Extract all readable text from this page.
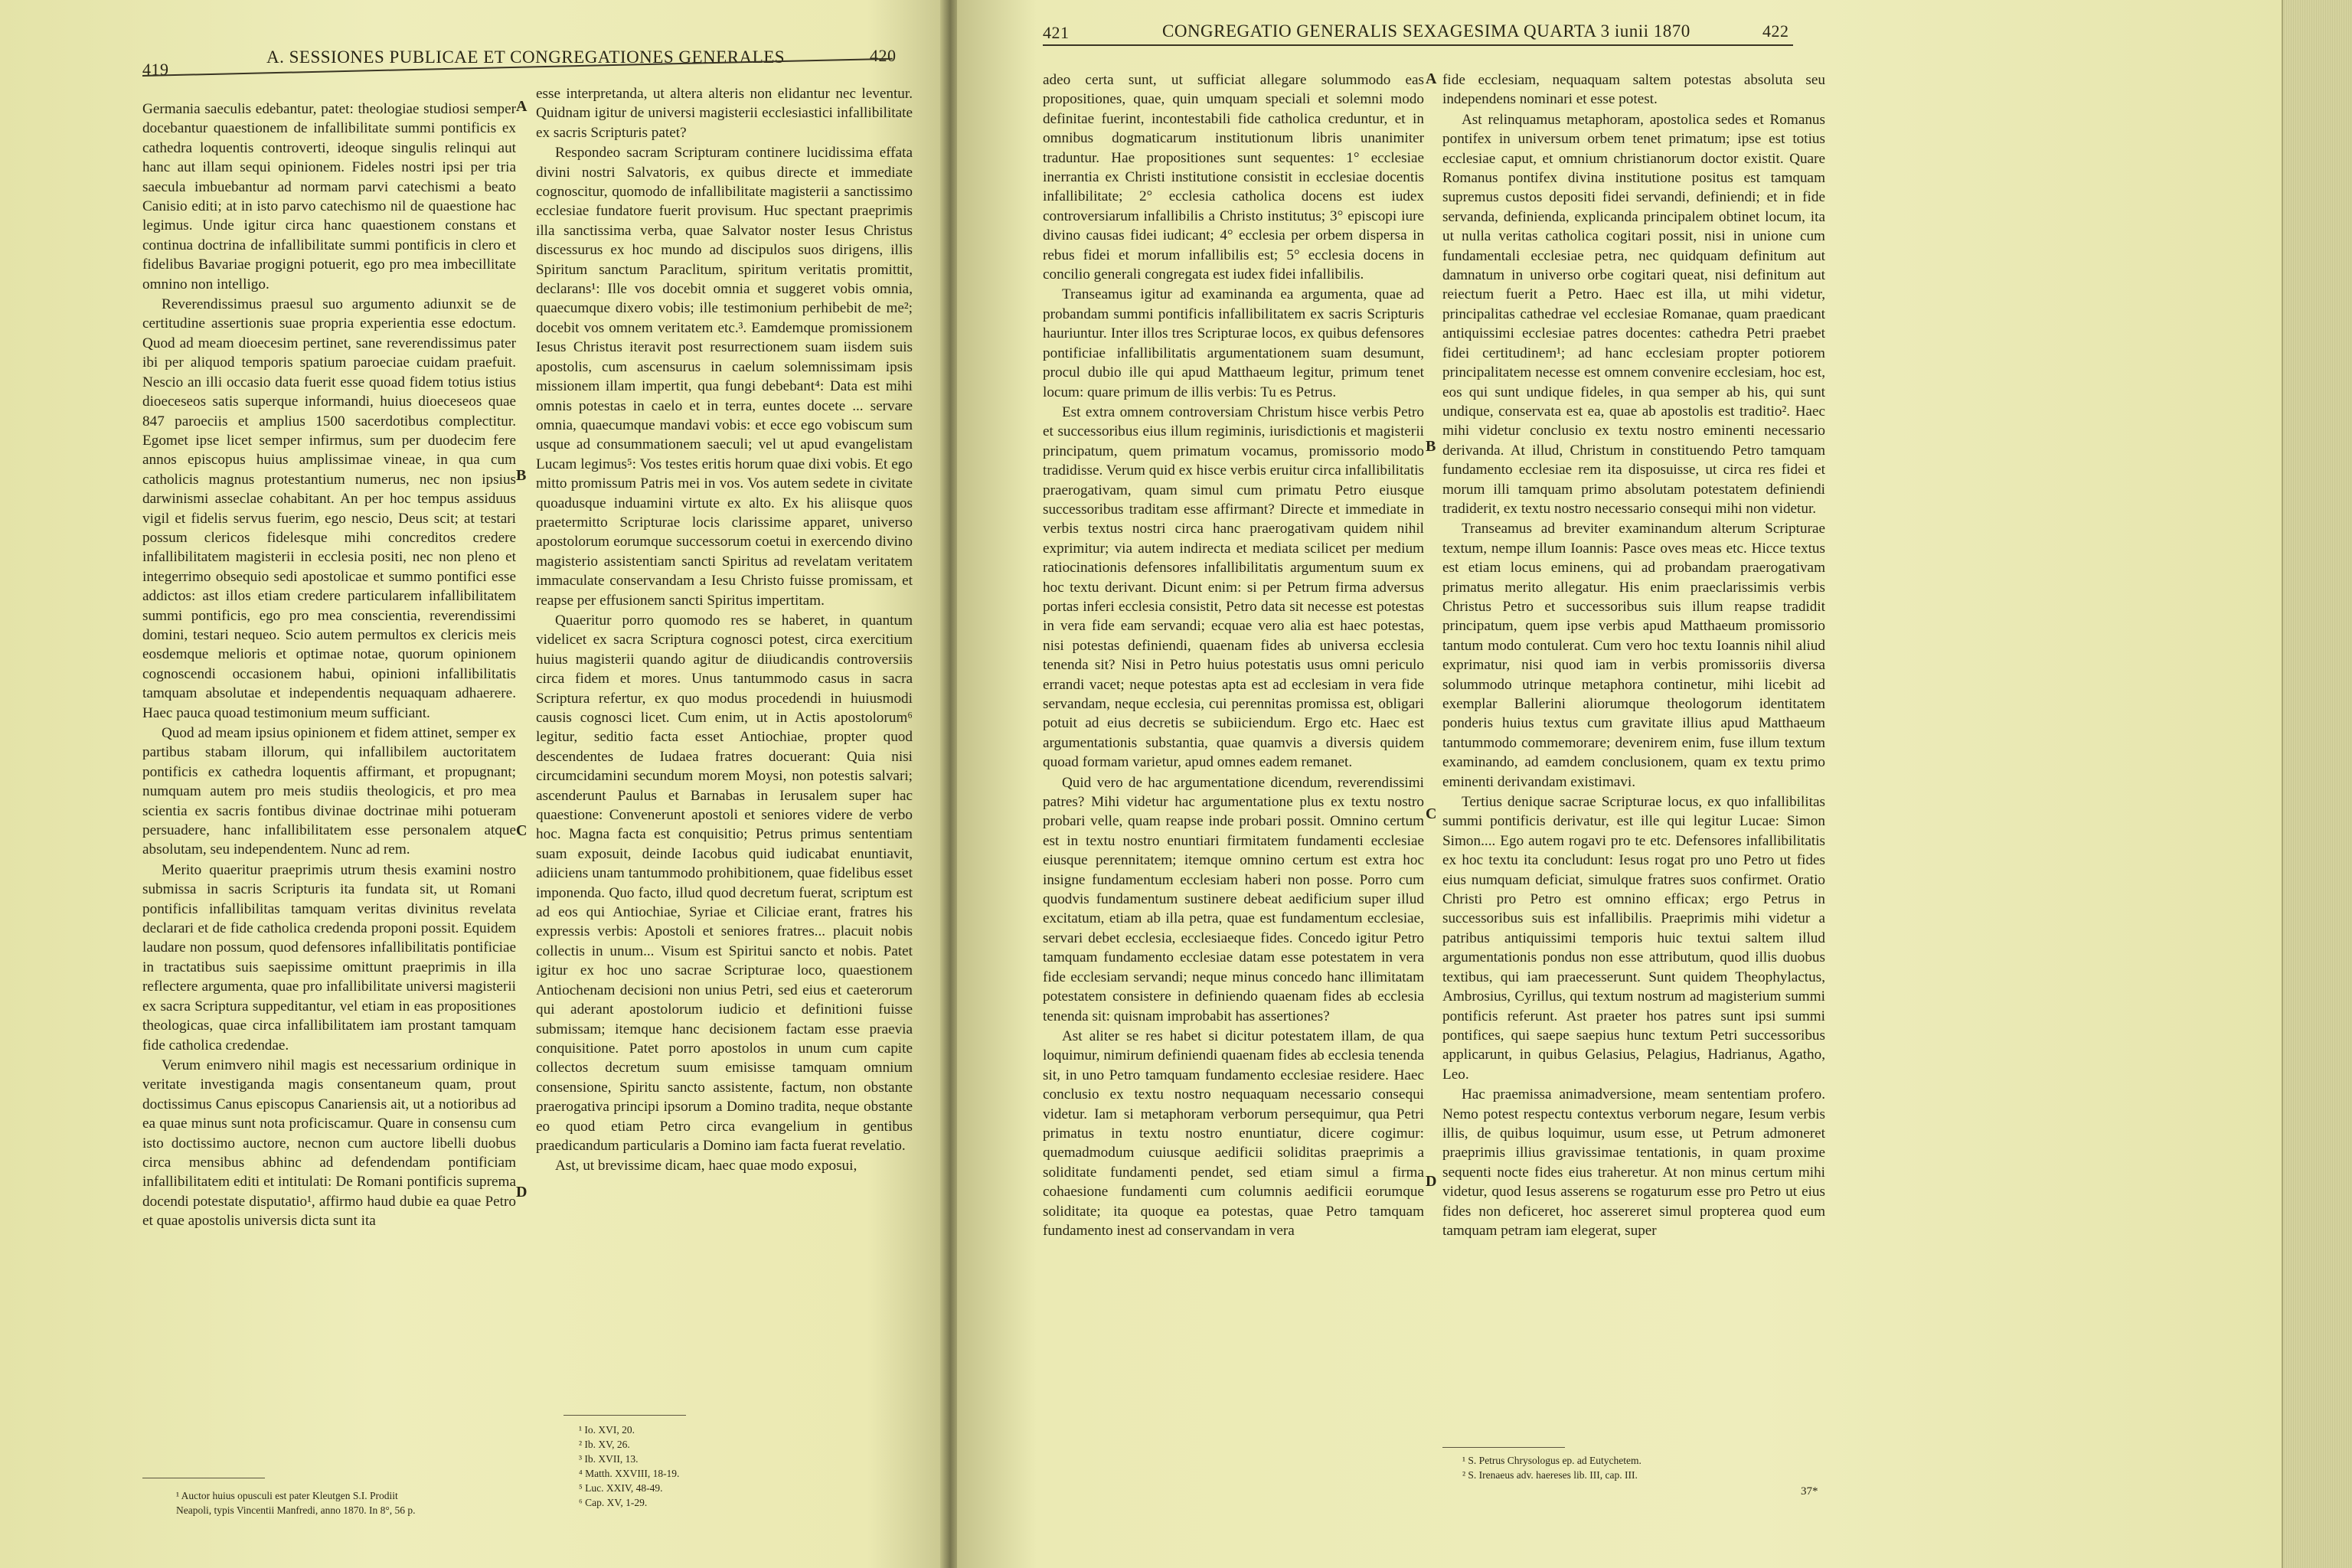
419
A. SESSIONES PUBLICAE ET CONGREGATIONES GENERALES	420

Germania saeculis edebantur, patet: theologiae studiosi semper docebantur quaestionem de infallibilitate summi pontificis ex cathedra loquentis controverti, ideoque singulis relinqui aut hanc aut illam sequi opinionem. Fideles nostri ipsi per tria saecula imbuebantur ad normam parvi catechismi a beato Canisio editi; at in isto parvo catechismo nil de quaestione hac legimus. Unde igitur circa hanc quaestionem constans et continua doctrina de infallibilitate summi pontificis in clero et fidelibus Bavariae progigni potuerit, ego pro mea imbecillitate omnino non intelligo.

Reverendissimus praesul suo argumento adiunxit se de certitudine assertionis suae propria experientia esse edoctum. Quod ad meam dioecesim pertinet, sane reverendissimus pater ibi per aliquod temporis spatium paroeciae cuidam praefuit. Nescio an illi occasio data fuerit esse quoad fidem totius istius dioeceseos satis superque informandi, huius dioeceseos quae 847 paroeciis et amplius 1500 sacerdotibus complectitur. Egomet ipse licet semper infirmus, sum per duodecim fere annos episcopus huius amplissimae vineae, in qua cum catholicis magnus protestantium numerus, nec non ipsius darwinismi asseclae cohabitant. An per hoc tempus assiduus vigil et fidelis servus fuerim, ego nescio, Deus scit; at testari possum clericos fidelesque mihi concreditos credere infallibilitatem magisterii in ecclesia positi, nec non pleno et integerrimo obsequio sedi apostolicae et summo pontifici esse addictos: ast illos etiam credere particularem infallibilitatem summi pontificis, ego pro mea conscientia, reverendissimi domini, testari nequeo. Scio autem permultos ex clericis meis eosdemque melioris et optimae notae, quorum opinionem cognoscendi occasionem habui, opinioni infallibilitatis tamquam absolutae et independentis nequaquam adhaerere. Haec pauca quoad testimonium meum sufficiant.

Quod ad meam ipsius opinionem et fidem attinet, semper ex partibus stabam illorum, qui infallibilem auctoritatem pontificis ex cathedra loquentis affirmant, et propugnant; numquam autem pro meis studiis theologicis, et pro mea scientia ex sacris fontibus divinae doctrinae mihi potueram persuadere, hanc infallibilitatem esse personalem atque absolutam, seu independentem. Nunc ad rem.

Merito quaeritur praeprimis utrum thesis examini nostro submissa in sacris Scripturis ita fundata sit, ut Romani pontificis infallibilitas tamquam veritas divinitus revelata declarari et de fide catholica credenda proponi possit. Equidem laudare non possum, quod defensores infallibilitatis pontificiae in tractatibus suis saepissime omittunt praeprimis in illa reflectere argumenta, quae pro infallibilitate universi magisterii ex sacra Scriptura suppeditantur, vel etiam in eas propositiones theologicas, quae circa infallibilitatem iam prostant tamquam fide catholica credendae.

Verum enimvero nihil magis est necessarium ordinique in veritate investiganda magis consentaneum quam, prout doctissimus Canus episcopus Canariensis ait, ut a notioribus ad ea quae minus sunt nota proficiscamur. Quare in consensu cum isto doctissimo auctore, necnon cum auctore libelli duobus circa mensibus abhinc ad defendendam pontificiam infallibilitatem editi et intitulati: De Romani pontificis suprema docendi potestate disputatio¹, affirmo haud dubie ea quae Petro et quae apostolis universis dicta sunt ita

esse interpretanda, ut altera alteris non elidantur nec leventur. Quidnam igitur de universi magisterii ecclesiastici infallibilitate ex sacris Scripturis patet?

Respondeo sacram Scripturam continere lucidissima effata divini nostri Salvatoris, ex quibus directe et immediate cognoscitur, quomodo de infallibilitate magisterii a sanctissimo ecclesiae fundatore fuerit provisum. Huc spectant praeprimis illa sanctissima verba, quae Salvator noster Iesus Christus discessurus ex hoc mundo ad discipulos suos dirigens, illis Spiritum sanctum Paraclitum, spiritum veritatis promittit, declarans¹: Ille vos docebit omnia et suggeret vobis omnia, quaecumque dixero vobis; ille testimonium perhibebit de me²; docebit vos omnem veritatem etc.³. Eamdemque promissionem Iesus Christus iteravit post resurrectionem suam iisdem suis apostolis, cum ascensurus in caelum solemnissimam ipsis missionem illam impertit, qua fungi debebant⁴: Data est mihi omnis potestas in caelo et in terra, euntes docete ... servare omnia, quaecumque mandavi vobis: et ecce ego vobiscum sum usque ad consummationem saeculi; vel ut apud evangelistam Lucam legimus⁵: Vos testes eritis horum quae dixi vobis. Et ego mitto promissum Patris mei in vos. Vos autem sedete in civitate quoadusque induamini virtute ex alto. Ex his aliisque quos praetermitto Scripturae locis clarissime apparet, universo apostolorum eorumque successorum coetui in exercendo divino magisterio assistentiam sancti Spiritus ad revelatam veritatem immaculate conservandam a Iesu Christo fuisse promissam, et reapse per effusionem sancti Spiritus impertitam.

Quaeritur porro quomodo res se haberet, in quantum videlicet ex sacra Scriptura cognosci potest, circa exercitium huius magisterii quando agitur de diiudicandis controversiis circa fidem et mores. Unus tantummodo casus in sacra Scriptura refertur, ex quo modus procedendi in huiusmodi causis cognosci licet. Cum enim, ut in Actis apostolorum⁶ legitur, seditio facta esset Antiochiae, propter quod descendentes de Iudaea fratres docuerant: Quia nisi circumcidamini secundum morem Moysi, non potestis salvari; ascenderunt Paulus et Barnabas in Ierusalem super hac quaestione: Convenerunt apostoli et seniores videre de verbo hoc. Magna facta est conquisitio; Petrus primus sententiam suam exposuit, deinde Iacobus quid iudicabat enuntiavit, adiiciens unam tantummodo prohibitionem, quae fidelibus esset imponenda. Quo facto, illud quod decretum fuerat, scriptum est ad eos qui Antiochiae, Syriae et Ciliciae erant, fratres his expressis verbis: Apostoli et seniores fratres... placuit nobis collectis in unum... Visum est Spiritui sancto et nobis. Patet igitur ex hoc uno sacrae Scripturae loco, quaestionem Antiochenam decisioni non unius Petri, sed eius et caeterorum qui aderant apostolorum iudicio et definitioni fuisse submissam; itemque hanc decisionem factam esse praevia conquisitione. Patet porro apostolos in unum cum capite collectos decretum suum emisisse tamquam omnium consensione, Spiritu sancto assistente, factum, non obstante praerogativa principi ipsorum a Domino tradita, neque obstante eo quod etiam Petro circa evangelium in gentibus praedicandum particularis a Domino iam facta fuerat revelatio.

Ast, ut brevissime dicam, haec quae modo exposui,

A
B
C
D
¹ Auctor huius opusculi est pater Kleutgen S.I. Prodiit
Neapoli, typis Vincentii Manfredi, anno 1870. In 8°, 56 p.
¹ Io. XVI, 20.
² Ib. XV, 26.
³ Ib. XVII, 13.
⁴ Matth. XXVIII, 18-19.
⁵ Luc. XXIV, 48-49.
⁶ Cap. XV, 1-29.
421	CONGREGATIO GENERALIS SEXAGESIMA QUARTA 3 iunii 1870	422

adeo certa sunt, ut sufficiat allegare solummodo eas propositiones, quae, quin umquam speciali et solemni modo definitae fuerint, incontestabili fide catholica creduntur, et in omnibus dogmaticarum institutionum libris unanimiter traduntur. Hae propositiones sunt sequentes: 1° ecclesiae inerrantia ex Christi institutione consistit in ecclesiae docentis infallibilitate; 2° ecclesia catholica docens est iudex controversiarum infallibilis a Christo institutus; 3° episcopi iure divino causas fidei iudicant; 4° ecclesia per orbem dispersa in rebus fidei et morum infallibilis est; 5° ecclesia docens in concilio generali congregata est iudex fidei infallibilis.

Transeamus igitur ad examinanda ea argumenta, quae ad probandam summi pontificis infallibilitatem ex sacris Scripturis hauriuntur. Inter illos tres Scripturae locos, ex quibus defensores pontificiae infallibilitatis argumentationem suam desumunt, procul dubio ille qui apud Matthaeum legitur, primum tenet locum: quare primum de illis verbis: Tu es Petrus.

Est extra omnem controversiam Christum hisce verbis Petro et successoribus eius illum regiminis, iurisdictionis et magisterii principatum, quem primatum vocamus, promissorio modo tradidisse. Verum quid ex hisce verbis eruitur circa infallibilitatis praerogativam, quam simul cum primatu Petro eiusque successoribus traditam esse affirmant? Directe et immediate in verbis textus nostri circa hanc praerogativam quidem nihil exprimitur; via autem indirecta et mediata scilicet per medium ratiocinationis defensores infallibilitatis argumentum suum ex hoc textu derivant. Dicunt enim: si per Petrum firma adversus portas inferi ecclesia consistit, Petro data sit necesse est potestas in vera fide eam servandi; ecquae vero alia est haec potestas, nisi potestas definiendi, quaenam fides ab universa ecclesia tenenda sit? Nisi in Petro huius potestatis usus omni periculo errandi vacet; neque potestas apta est ad ecclesiam in vera fide servandam, neque ecclesia, cui perennitas promissa est, obligari potuit ad eius decretis se subiiciendum. Ergo etc. Haec est argumentationis substantia, quae quamvis a diversis quidem quoad formam varietur, apud omnes eadem remanet.

Quid vero de hac argumentatione dicendum, reverendissimi patres? Mihi videtur hac argumentatione plus ex textu nostro probari velle, quam reapse inde probari possit. Omnino certum est in textu nostro enuntiari firmitatem fundamenti ecclesiae eiusque perennitatem; itemque omnino certum est extra hoc insigne fundamentum ecclesiam haberi non posse. Porro cum quodvis fundamentum sustinere debeat aedificium super illud excitatum, etiam ab illa petra, quae est fundamentum ecclesiae, servari debet ecclesia, ecclesiaeque fides. Concedo igitur Petro tamquam fundamento ecclesiae datam esse potestatem in vera fide ecclesiam servandi; neque minus concedo hanc illimitatam potestatem consistere in definiendo quaenam fides ab ecclesia tenenda sit: quisnam improbabit has assertiones?

Ast aliter se res habet si dicitur potestatem illam, de qua loquimur, nimirum definiendi quaenam fides ab ecclesia tenenda sit, in uno Petro tamquam fundamento ecclesiae residere. Haec conclusio ex textu nostro nequaquam necessario consequi videtur. Iam si metaphoram verborum persequimur, qua Petri primatus in textu nostro enuntiatur, dicere cogimur: quemadmodum cuiusque aedificii soliditas praeprimis a soliditate fundamenti pendet, sed etiam simul a firma cohaesione fundamenti cum columnis aedificii eorumque soliditate; ita quoque ea potestas, quae Petro tamquam fundamento inest ad conservandam in vera

fide ecclesiam, nequaquam saltem potestas absoluta seu independens nominari et esse potest.

Ast relinquamus metaphoram, apostolica sedes et Romanus pontifex in universum orbem tenet primatum; ipse est totius ecclesiae caput, et omnium christianorum doctor existit. Quare Romanus pontifex divina institutione positus est tamquam supremus custos depositi fidei servandi, definiendi; et in fide servanda, definienda, explicanda principalem obtinet locum, ita ut nulla veritas catholica cogitari possit, nisi in unione cum fundamentali ecclesiae petra, nec quidquam definitum aut damnatum in universo orbe cogitari queat, nisi definitum aut reiectum fuerit a Petro. Haec est illa, ut mihi videtur, principalitas cathedrae vel ecclesiae Romanae, quam praedicant antiquissimi ecclesiae patres docentes: cathedra Petri praebet fidei certitudinem¹; ad hanc ecclesiam propter potiorem principalitatem necesse est omnem convenire ecclesiam, hoc est, eos qui sunt undique fideles, in qua semper ab his, qui sunt undique, conservata est ea, quae ab apostolis est traditio². Haec mihi videtur conclusio ex textu nostro eminenti necessario derivanda. At illud, Christum in constituendo Petro tamquam fundamento ecclesiae rem ita disposuisse, ut circa res fidei et morum illi tamquam primo absolutam potestatem definiendi tradiderit, ex textu nostro necessario consequi mihi non videtur.

Transeamus ad breviter examinandum alterum Scripturae textum, nempe illum Ioannis: Pasce oves meas etc. Hicce textus est etiam locus eminens, qui ad probandam praerogativam primatus merito allegatur. His enim praeclarissimis verbis Christus Petro et successoribus suis illum reapse tradidit principatum, quem ipse verbis apud Matthaeum promissorio tantum modo contulerat. Cum vero hoc textu Ioannis nihil aliud exprimatur, nisi quod iam in verbis promissoriis diversa solummodo utrinque metaphora continetur, mihi licebit ad exemplar Ballerini aliorumque theologorum identitatem ponderis huius textus cum gravitate illius apud Matthaeum tantummodo commemorare; devenirem enim, fuse illum textum examinando, ad eamdem conclusionem, quam ex textu primo eminenti derivandam existimavi.

Tertius denique sacrae Scripturae locus, ex quo infallibilitas summi pontificis derivatur, est ille qui legitur Lucae: Simon Simon.... Ego autem rogavi pro te etc. Defensores infallibilitatis ex hoc textu ita concludunt: Iesus rogat pro uno Petro ut fides eius numquam deficiat, simulque fratres suos confirmet. Oratio Christi pro Petro est omnino efficax; ergo Petrus in successoribus suis est infallibilis. Praeprimis mihi videtur a patribus antiquissimi temporis huic textui saltem illud argumentationis pondus non esse attributum, quod illis duobus textibus, qui iam praecesserunt. Sunt quidem Theophylactus, Ambrosius, Cyrillus, qui textum nostrum ad magisterium summi pontificis referunt. Ast praeter hos patres sunt ipsi summi pontifices, qui saepe saepius hunc textum Petri successoribus applicarunt, in quibus Gelasius, Pelagius, Hadrianus, Agatho, Leo.

Hac praemissa animadversione, meam sententiam profero. Nemo potest respectu contextus verborum negare, Iesum verbis illis, de quibus loquimur, usum esse, ut Petrum admoneret praeprimis illius gravissimae tentationis, in quam proxime sequenti nocte fides eius traheretur. At non minus certum mihi videtur, quod Iesus asserens se rogaturum esse pro Petro ut eius fides non deficeret, hoc assereret simul propterea quod eum tamquam petram iam elegerat, super

A
B
C
D
¹ S. Petrus Chrysologus ep. ad Eutychetem.
² S. Irenaeus adv. haereses lib. III, cap. III.
37*
